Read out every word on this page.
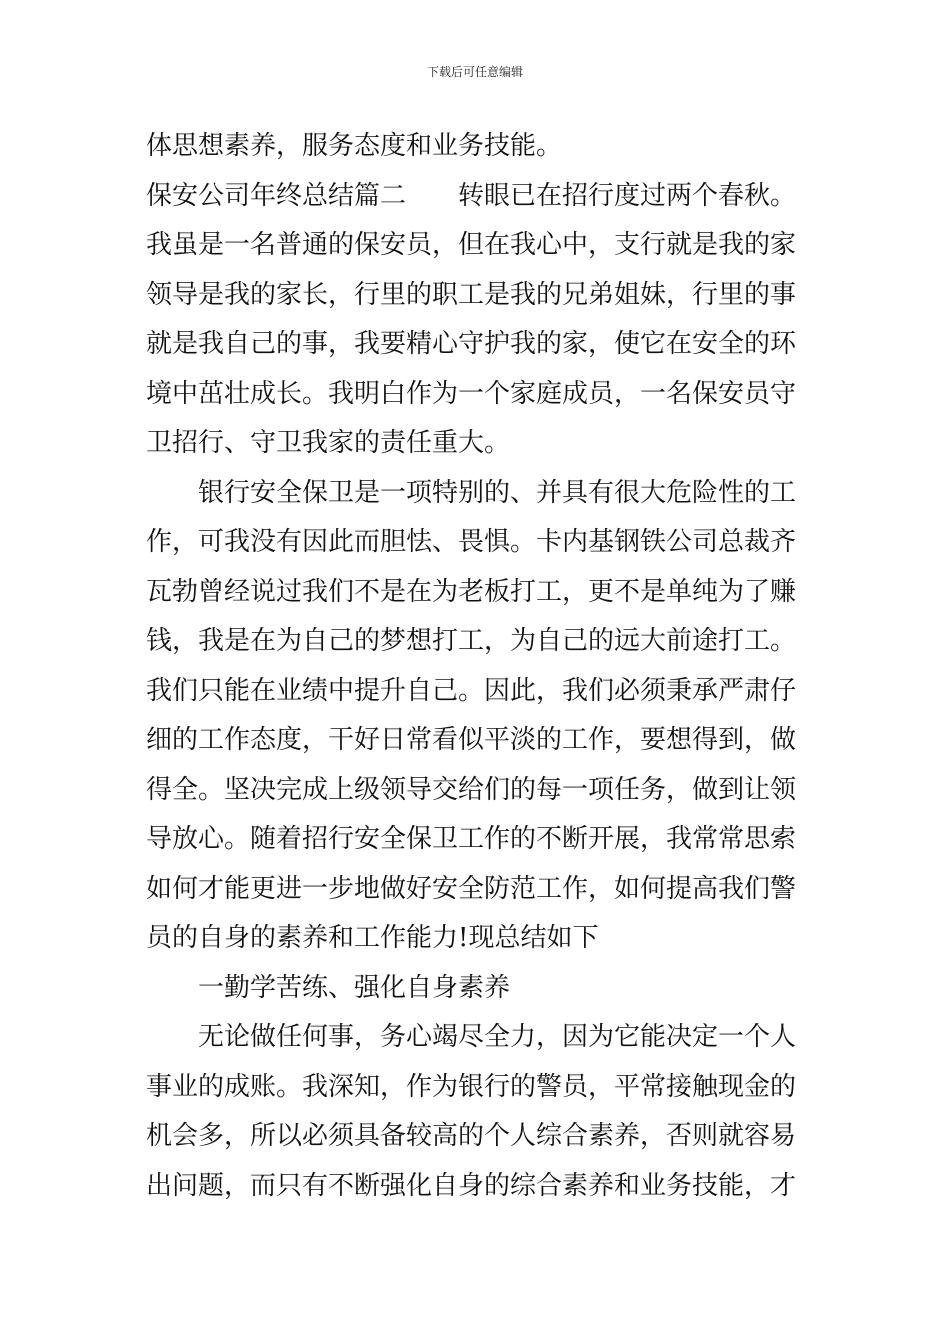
下载后可任意编辑
体思想素养，服务态度和业务技能。
保安公司年终总结篇二 转眼已在招行度过两个春秋。
我虽是一名普通的保安员，但在我心中，支行就是我的家
领导是我的家长，行里的职工是我的兄弟姐妹，行里的事
就是我自己的事，我要精心守护我的家，使它在安全的环
境中茁壮成长。我明白作为一个家庭成员，一名保安员守
卫招行、守卫我家的责任重大。
银行安全保卫是一项特别的、并具有很大危险性的工
作，可我没有因此而胆怯、畏惧。卡内基钢铁公司总裁齐
瓦勃曾经说过我们不是在为老板打工，更不是单纯为了赚
钱，我是在为自己的梦想打工，为自己的远大前途打工。
我们只能在业绩中提升自己。因此，我们必须秉承严肃仔
细的工作态度，干好日常看似平淡的工作，要想得到，做
得全。坚决完成上级领导交给们的每一项任务，做到让领
导放心。随着招行安全保卫工作的不断开展，我常常思索
如何才能更进一步地做好安全防范工作，如何提高我们警
员的自身的素养和工作能力!现总结如下
一勤学苦练、强化自身素养
无论做任何事，务心竭尽全力，因为它能决定一个人
事业的成账。我深知，作为银行的警员，平常接触现金的
机会多，所以必须具备较高的个人综合素养，否则就容易
出问题，而只有不断强化自身的综合素养和业务技能，才
